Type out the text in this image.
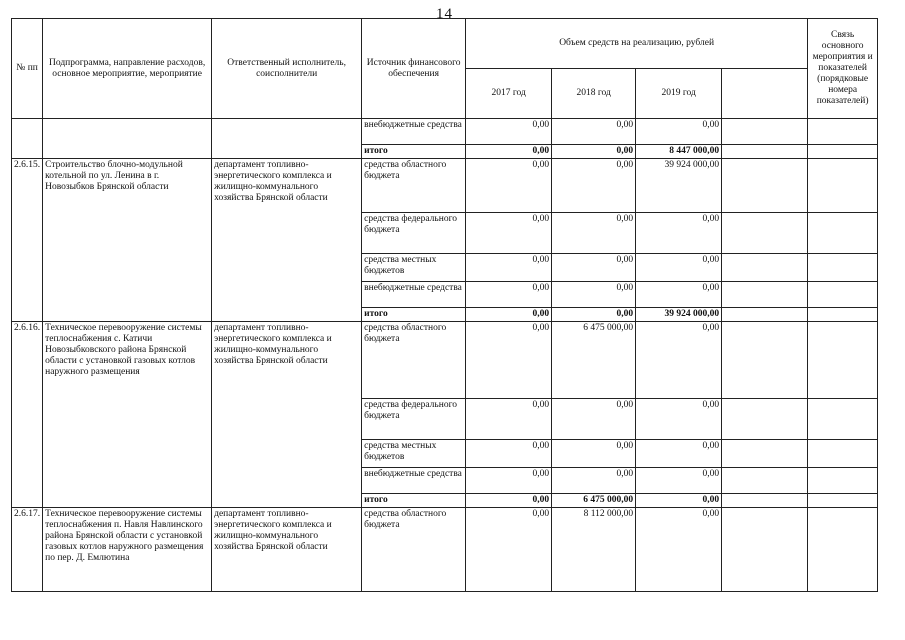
14
№ пп	Подпрограмма, направление расходов, основное мероприятие, мероприятие	Ответственный исполнитель, соисполнители	Источник финансового обеспечения	Объем средств на реализацию, рублей				Связь основного мероприятия и показателей (порядковые номера показателей)
				2017 год	2018 год	2019 год		
			внебюджетные средства	0,00	0,00	0,00		
			итого	0,00	0,00	8 447 000,00		
2.6.15.	Строительство блочно-модульной котельной по ул. Ленина в г. Новозыбков Брянской области	департамент топливно-энергетического комплекса и жилищно-коммунального хозяйства Брянской области	средства областного бюджета	0,00	0,00	39 924 000,00		
			средства федерального бюджета	0,00	0,00	0,00		
			средства местных бюджетов	0,00	0,00	0,00		
			внебюджетные средства	0,00	0,00	0,00		
			итого	0,00	0,00	39 924 000,00		
2.6.16.	Техническое перевооружение системы теплоснабжения с. Катичи Новозыбковского района Брянской области с установкой газовых котлов наружного размещения	департамент топливно-энергетического комплекса и жилищно-коммунального хозяйства Брянской области	средства областного бюджета	0,00	6 475 000,00	0,00		
			средства федерального бюджета	0,00	0,00	0,00		
			средства местных бюджетов	0,00	0,00	0,00		
			внебюджетные средства	0,00	0,00	0,00		
			итого	0,00	6 475 000,00	0,00		
2.6.17.	Техническое перевооружение системы теплоснабжения п. Навля Навлинского района Брянской области с установкой газовых котлов наружного размещения по пер. Д. Емлютина	департамент топливно-энергетического комплекса и жилищно-коммунального хозяйства Брянской области	средства областного бюджета	0,00	8 112 000,00	0,00		
